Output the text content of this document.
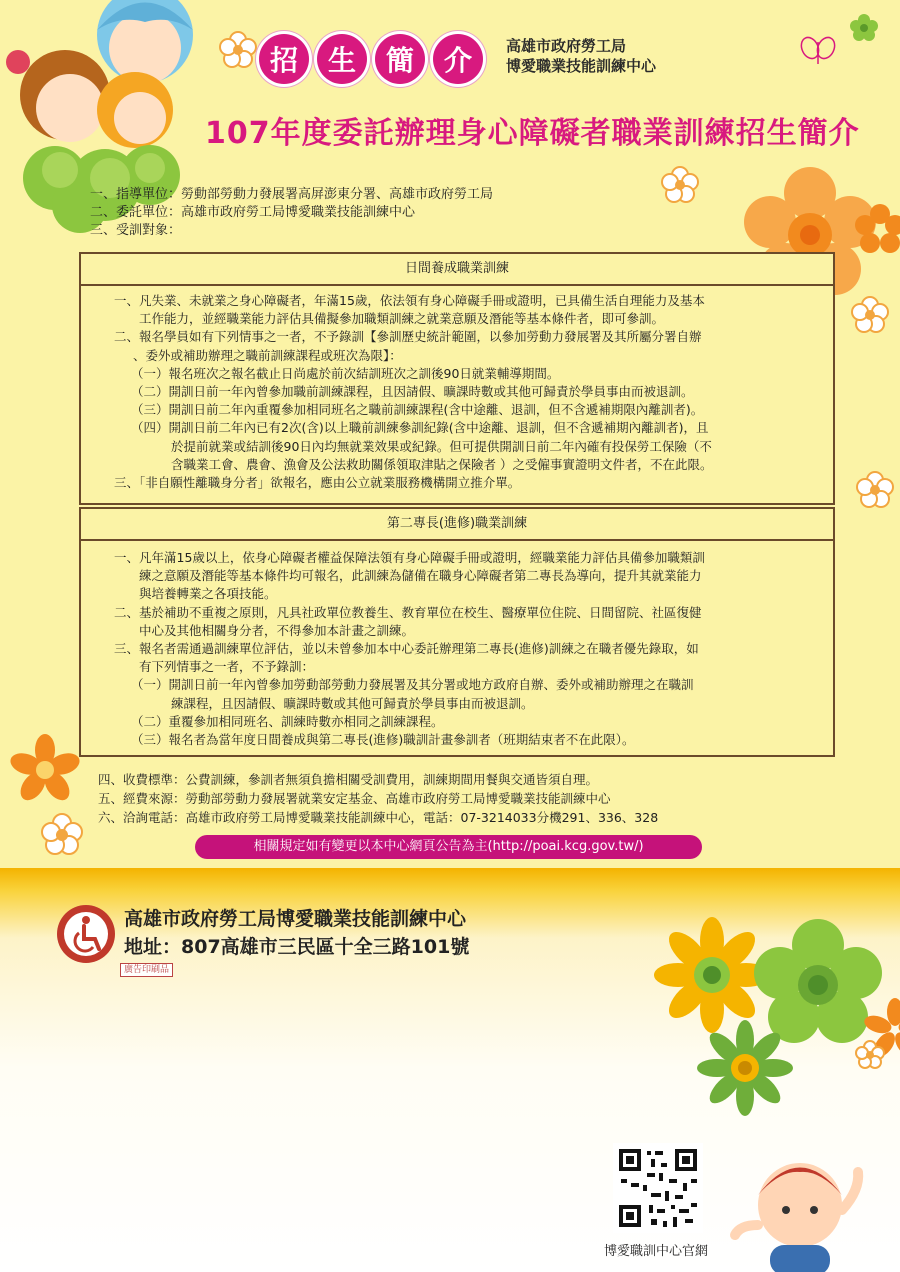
招	生	簡	介	高雄市政府勞工局
博愛職業技能訓練中心
107年度委託辦理身心障礙者職業訓練招生簡介
一、指導單位：勞動部勞動力發展署高屏澎東分署、高雄市政府勞工局
二、委託單位：高雄市政府勞工局博愛職業技能訓練中心
三、受訓對象：
日間養成職業訓練
一、凡失業、未就業之身心障礙者，年滿15歲，依法領有身心障礙手冊或證明，已具備生活自理能力及基本
工作能力，並經職業能力評估具備擬參加職類訓練之就業意願及潛能等基本條件者，即可參訓。
二、報名學員如有下列情事之一者，不予錄訓【參訓歷史統計範圍，以參加勞動力發展署及其所屬分署自辦
、委外或補助辦理之職前訓練課程或班次為限】：
（一）報名班次之報名截止日尚處於前次結訓班次之訓後90日就業輔導期間。
（二）開訓日前一年內曾參加職前訓練課程，且因請假、曠課時數或其他可歸責於學員事由而被退訓。
（三）開訓日前二年內重覆參加相同班名之職前訓練課程(含中途離、退訓，但不含遞補期限內離訓者)。
（四）開訓日前二年內已有2次(含)以上職前訓練參訓紀錄(含中途離、退訓，但不含遞補期內離訓者)，且
於提前就業或結訓後90日內均無就業效果或紀錄。但可提供開訓日前二年內確有投保勞工保險（不
含職業工會、農會、漁會及公法救助關係領取津貼之保險者 ）之受僱事實證明文件者，不在此限。
三、「非自願性離職身分者」欲報名，應由公立就業服務機構開立推介單。
第二專長(進修)職業訓練
一、凡年滿15歲以上，依身心障礙者權益保障法領有身心障礙手冊或證明，經職業能力評估具備參加職類訓
練之意願及潛能等基本條件均可報名，此訓練為儲備在職身心障礙者第二專長為導向，提升其就業能力
與培養轉業之各項技能。
二、基於補助不重複之原則，凡具社政單位教養生、教育單位在校生、醫療單位住院、日間留院、社區復健
中心及其他相關身分者，不得參加本計畫之訓練。
三、報名者需通過訓練單位評估，並以未曾參加本中心委託辦理第二專長(進修)訓練之在職者優先錄取，如
有下列情事之一者，不予錄訓：
（一）開訓日前一年內曾參加勞動部勞動力發展署及其分署或地方政府自辦、委外或補助辦理之在職訓
練課程，且因請假、曠課時數或其他可歸責於學員事由而被退訓。
（二）重覆參加相同班名、訓練時數亦相同之訓練課程。
（三）報名者為當年度日間養成與第二專長(進修)職訓計畫參訓者（班期結束者不在此限）。
四、收費標準：公費訓練，參訓者無須負擔相關受訓費用，訓練期間用餐與交通皆須自理。
五、經費來源：勞動部勞動力發展署就業安定基金、高雄市政府勞工局博愛職業技能訓練中心
六、洽詢電話：高雄市政府勞工局博愛職業技能訓練中心，電話：07-3214033分機291、336、328
相關規定如有變更以本中心網頁公告為主(http://poai.kcg.gov.tw/)
高雄市政府勞工局博愛職業技能訓練中心
地址：807高雄市三民區十全三路101號
廣告印刷品
博愛職訓中心官網
